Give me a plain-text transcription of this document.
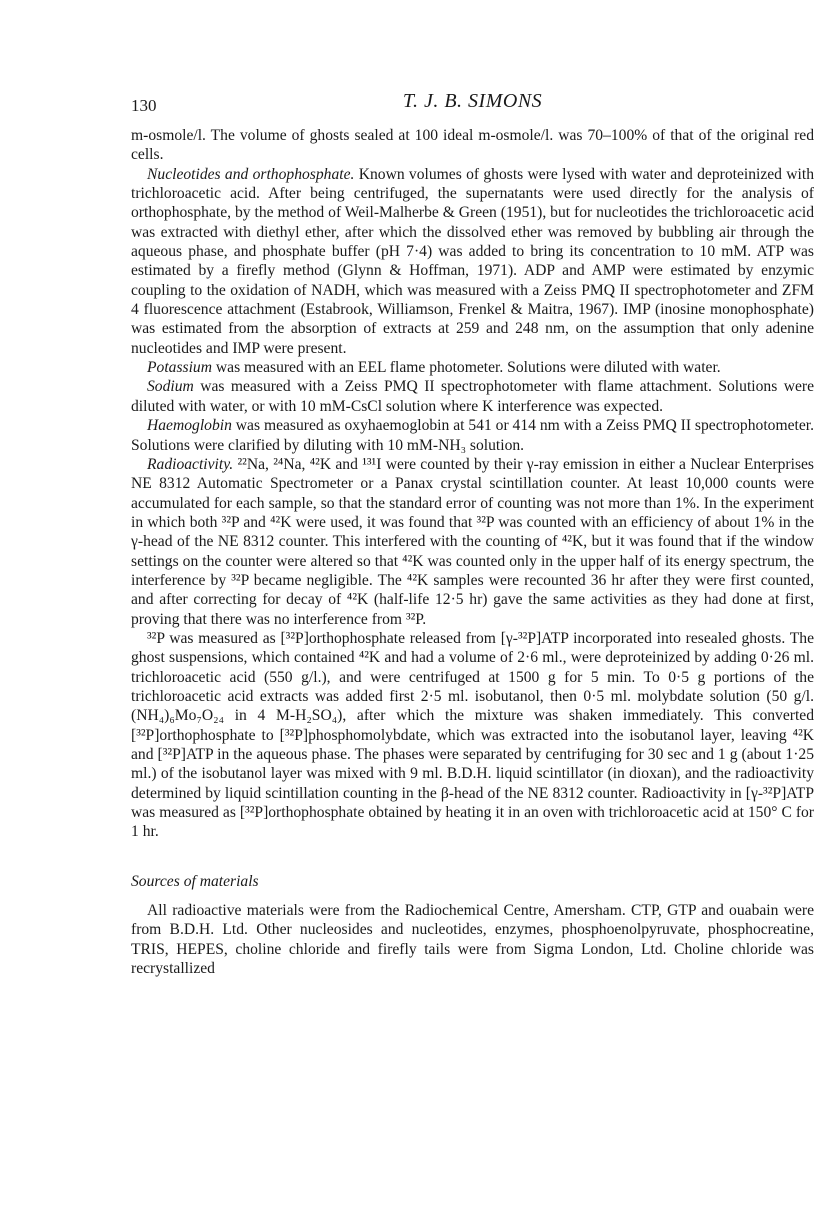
130	T. J. B. SIMONS

m-osmole/l. The volume of ghosts sealed at 100 ideal m-osmole/l. was 70–100% of that of the original red cells.

Nucleotides and orthophosphate. Known volumes of ghosts were lysed with water and deproteinized with trichloroacetic acid. After being centrifuged, the supernatants were used directly for the analysis of orthophosphate, by the method of Weil-Malherbe & Green (1951), but for nucleotides the trichloroacetic acid was extracted with diethyl ether, after which the dissolved ether was removed by bubbling air through the aqueous phase, and phosphate buffer (pH 7·4) was added to bring its concentration to 10 mM. ATP was estimated by a firefly method (Glynn & Hoffman, 1971). ADP and AMP were estimated by enzymic coupling to the oxidation of NADH, which was measured with a Zeiss PMQ II spectrophotometer and ZFM 4 fluorescence attachment (Estabrook, Williamson, Frenkel & Maitra, 1967). IMP (inosine monophosphate) was estimated from the absorption of extracts at 259 and 248 nm, on the assumption that only adenine nucleotides and IMP were present.

Potassium was measured with an EEL flame photometer. Solutions were diluted with water.

Sodium was measured with a Zeiss PMQ II spectrophotometer with flame attachment. Solutions were diluted with water, or with 10 mM-CsCl solution where K interference was expected.

Haemoglobin was measured as oxyhaemoglobin at 541 or 414 nm with a Zeiss PMQ II spectrophotometer. Solutions were clarified by diluting with 10 mM-NH₃ solution.

Radioactivity. ²²Na, ²⁴Na, ⁴²K and ¹³¹I were counted by their γ-ray emission in either a Nuclear Enterprises NE 8312 Automatic Spectrometer or a Panax crystal scintillation counter. At least 10,000 counts were accumulated for each sample, so that the standard error of counting was not more than 1%. In the experiment in which both ³²P and ⁴²K were used, it was found that ³²P was counted with an efficiency of about 1% in the γ-head of the NE 8312 counter. This interfered with the counting of ⁴²K, but it was found that if the window settings on the counter were altered so that ⁴²K was counted only in the upper half of its energy spectrum, the interference by ³²P became negligible. The ⁴²K samples were recounted 36 hr after they were first counted, and after correcting for decay of ⁴²K (half-life 12·5 hr) gave the same activities as they had done at first, proving that there was no interference from ³²P.

³²P was measured as [³²P]orthophosphate released from [γ-³²P]ATP incorporated into resealed ghosts. The ghost suspensions, which contained ⁴²K and had a volume of 2·6 ml., were deproteinized by adding 0·26 ml. trichloroacetic acid (550 g/l.), and were centrifuged at 1500 g for 5 min. To 0·5 g portions of the trichloroacetic acid extracts was added first 2·5 ml. isobutanol, then 0·5 ml. molybdate solution (50 g/l. (NH₄)₆Mo₇O₂₄ in 4 M-H₂SO₄), after which the mixture was shaken immediately. This converted [³²P]orthophosphate to [³²P]phosphomolybdate, which was extracted into the isobutanol layer, leaving ⁴²K and [³²P]ATP in the aqueous phase. The phases were separated by centrifuging for 30 sec and 1 g (about 1·25 ml.) of the isobutanol layer was mixed with 9 ml. B.D.H. liquid scintillator (in dioxan), and the radioactivity determined by liquid scintillation counting in the β-head of the NE 8312 counter. Radioactivity in [γ-³²P]ATP was measured as [³²P]orthophosphate obtained by heating it in an oven with trichloroacetic acid at 150° C for 1 hr.

Sources of materials

All radioactive materials were from the Radiochemical Centre, Amersham. CTP, GTP and ouabain were from B.D.H. Ltd. Other nucleosides and nucleotides, enzymes, phosphoenolpyruvate, phosphocreatine, TRIS, HEPES, choline chloride and firefly tails were from Sigma London, Ltd. Choline chloride was recrystallized
